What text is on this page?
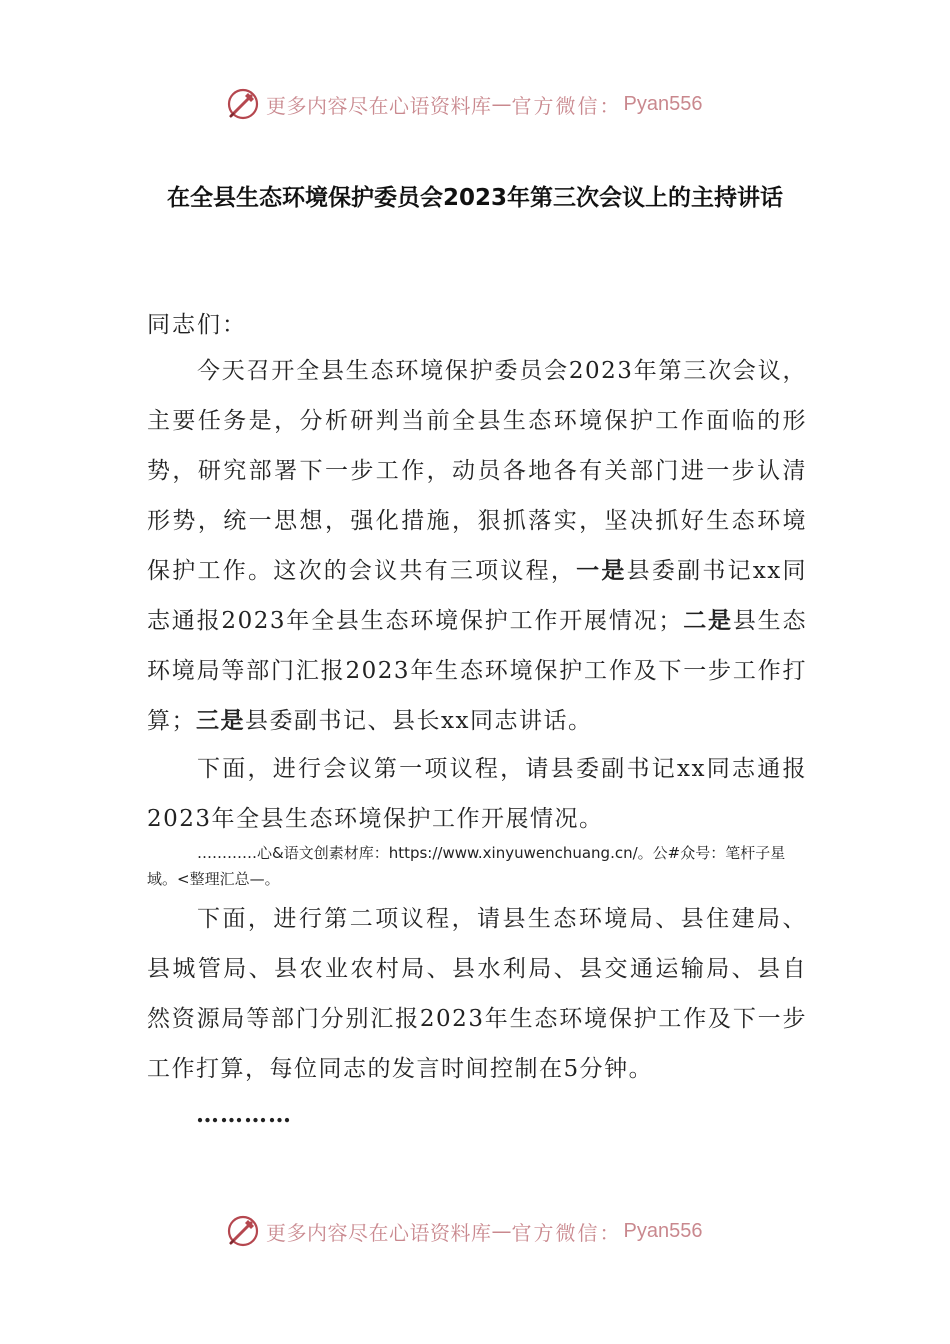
更多内容尽在心语资料库 — 官方微信： Pyan556
在全县生态环境保护委员会2023年第三次会议上的主持讲话
同志们：

今天召开全县生态环境保护委员会2023年第三次会议，主要任务是，分析研判当前全县生态环境保护工作面临的形势，研究部署下一步工作，动员各地各有关部门进一步认清形势，统一思想，强化措施，狠抓落实，坚决抓好生态环境保护工作。这次的会议共有三项议程，一是县委副书记xx同志通报2023年全县生态环境保护工作开展情况；二是县生态环境局等部门汇报2023年生态环境保护工作及下一步工作打算；三是县委副书记、县长xx同志讲话。

下面，进行会议第一项议程，请县委副书记xx同志通报2023年全县生态环境保护工作开展情况。

…………心&语文创素材库：https://www.xinyuwenchuang.cn/。公#众号：笔杆子星域。<整理汇总—。

下面，进行第二项议程，请县生态环境局、县住建局、县城管局、县农业农村局、县水利局、县交通运输局、县自然资源局等部门分别汇报2023年生态环境保护工作及下一步工作打算，每位同志的发言时间控制在5分钟。

…………
更多内容尽在心语资料库 — 官方微信： Pyan556
